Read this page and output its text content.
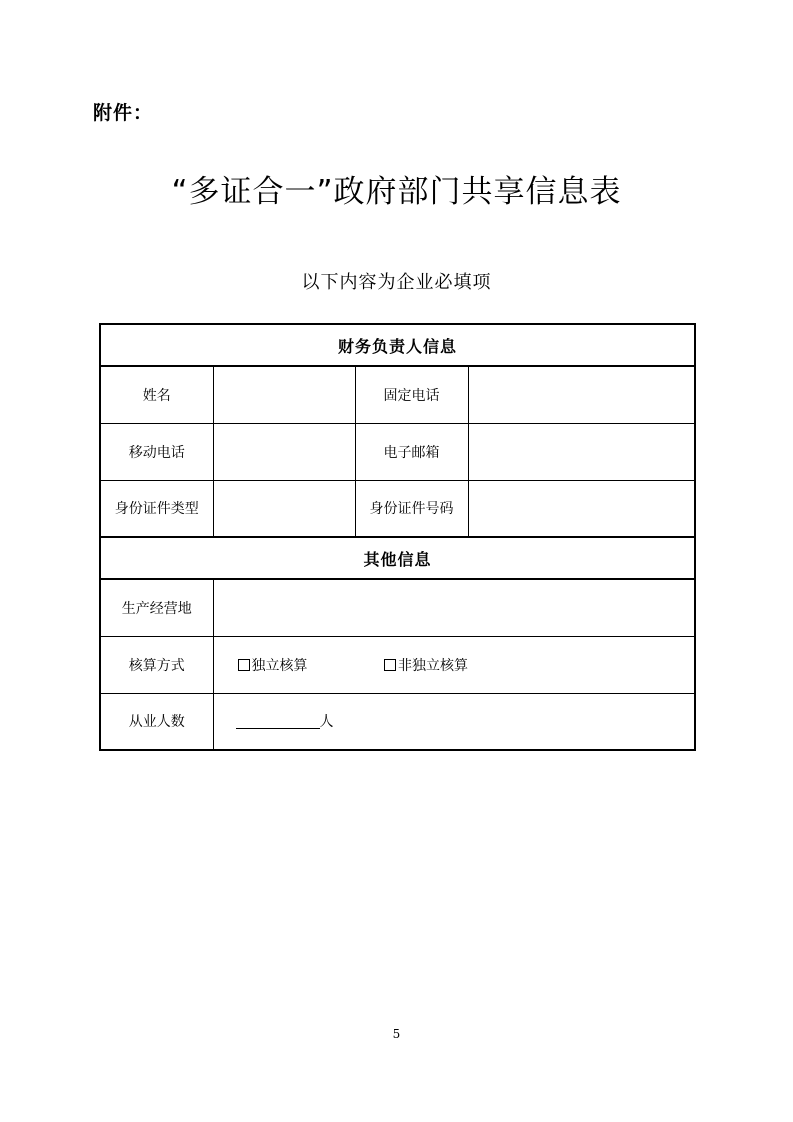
附件：
“多证合一”政府部门共享信息表
以下内容为企业必填项
财务负责人信息			
姓名		固定电话	
移动电话		电子邮箱	
身份证件类型		身份证件号码	
其他信息			
生产经营地			
核算方式	独立核算 非独立核算		
从业人数	人		
5
